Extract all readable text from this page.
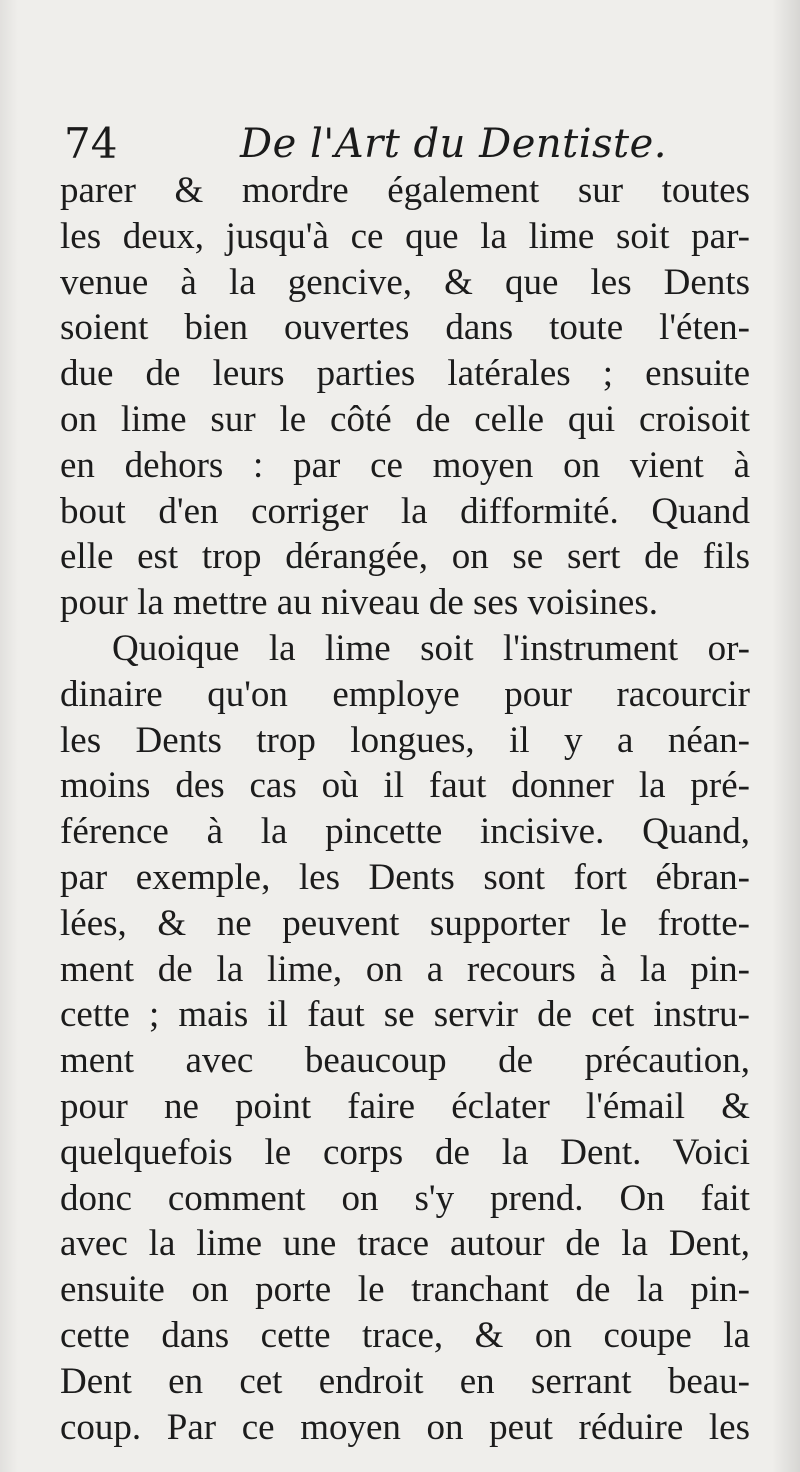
74	De l'Art du Dentiste.
parer & mordre également sur toutes
les deux, jusqu'à ce que la lime soit par-
venue à la gencive, & que les Dents
soient bien ouvertes dans toute l'éten-
due de leurs parties latérales ; ensuite
on lime sur le côté de celle qui croisoit
en dehors : par ce moyen on vient à
bout d'en corriger la difformité. Quand
elle est trop dérangée, on se sert de fils
pour la mettre au niveau de ses voisines.
Quoique la lime soit l'instrument or-
dinaire qu'on employe pour racourcir
les Dents trop longues, il y a néan-
moins des cas où il faut donner la pré-
férence à la pincette incisive. Quand,
par exemple, les Dents sont fort ébran-
lées, & ne peuvent supporter le frotte-
ment de la lime, on a recours à la pin-
cette ; mais il faut se servir de cet instru-
ment avec beaucoup de précaution,
pour ne point faire éclater l'émail &
quelquefois le corps de la Dent. Voici
donc comment on s'y prend. On fait
avec la lime une trace autour de la Dent,
ensuite on porte le tranchant de la pin-
cette dans cette trace, & on coupe la
Dent en cet endroit en serrant beau-
coup. Par ce moyen on peut réduire les
